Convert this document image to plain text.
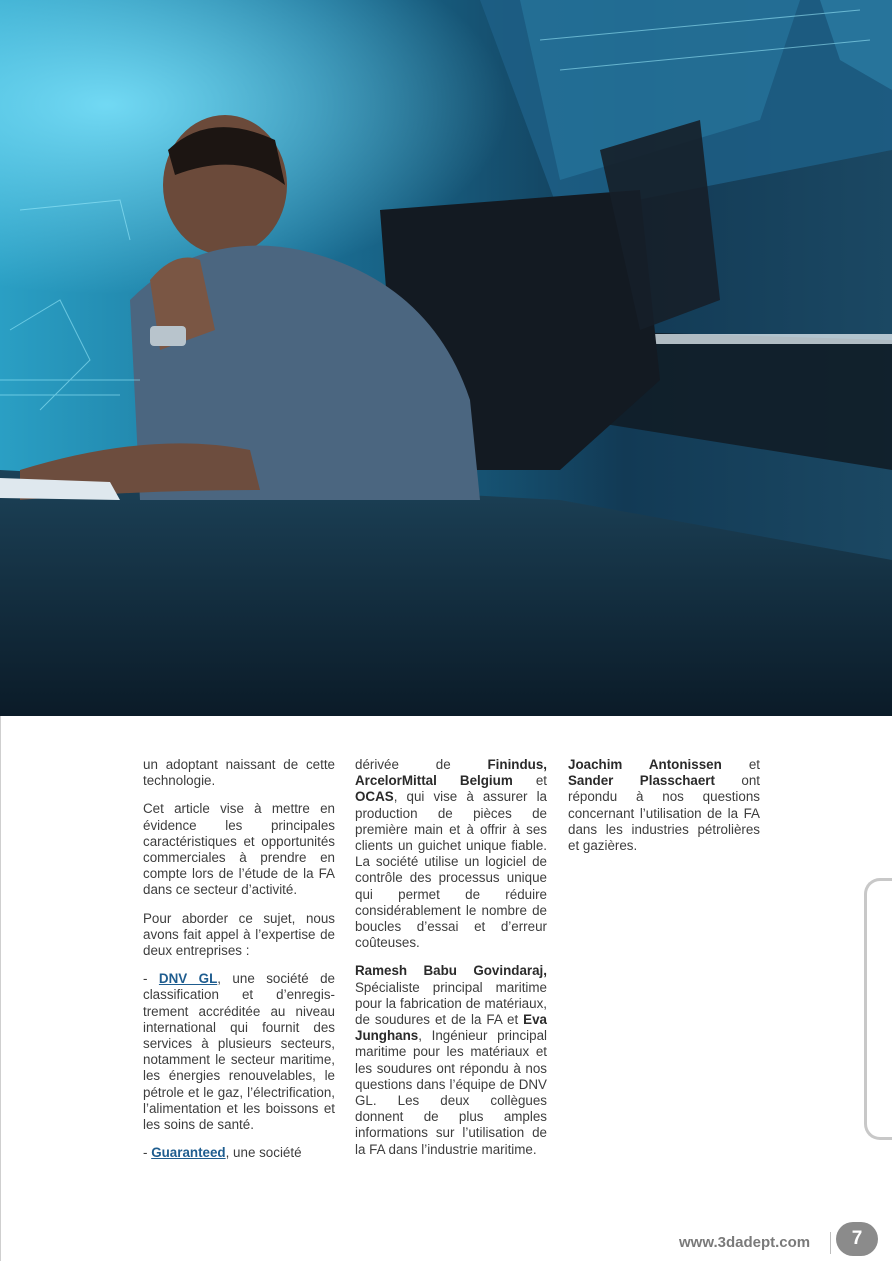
un adoptant naissant de cette technologie.

Cet article vise à mettre en évidence les principales caractéristiques et opportunités commerciales à prendre en compte lors de l’étude de la FA dans ce secteur d’activité.

Pour aborder ce sujet, nous avons fait appel à l’expertise de deux entreprises :

- DNV GL, une société de classification et d’enregistrement accréditée au niveau international qui fournit des services à plusieurs secteurs, notamment le secteur maritime, les énergies renouvelables, le pétrole et le gaz, l’électrification, l’alimentation et les boissons et les soins de santé.

- Guaranteed, une société

dérivée de Finindus, ArcelorMittal Belgium et OCAS, qui vise à assurer la production de pièces de première main et à offrir à ses clients un guichet unique fiable. La société utilise un logiciel de contrôle des processus unique qui permet de réduire considérablement le nombre de boucles d’essai et d’erreur coûteuses.

Ramesh Babu Govindaraj, Spécialiste principal maritime pour la fabrication de matériaux, de soudures et de la FA et Eva Junghans, Ingénieur principal maritime pour les matériaux et les soudures ont répondu à nos questions dans l’équipe de DNV GL. Les deux collègues donnent de plus amples informations sur l’utilisation de la FA dans l’industrie maritime.

Joachim Antonissen et Sander Plasschaert ont répondu à nos questions concernant l’utilisation de la FA dans les industries pétrolières et gazières.

www.3dadept.com	7
